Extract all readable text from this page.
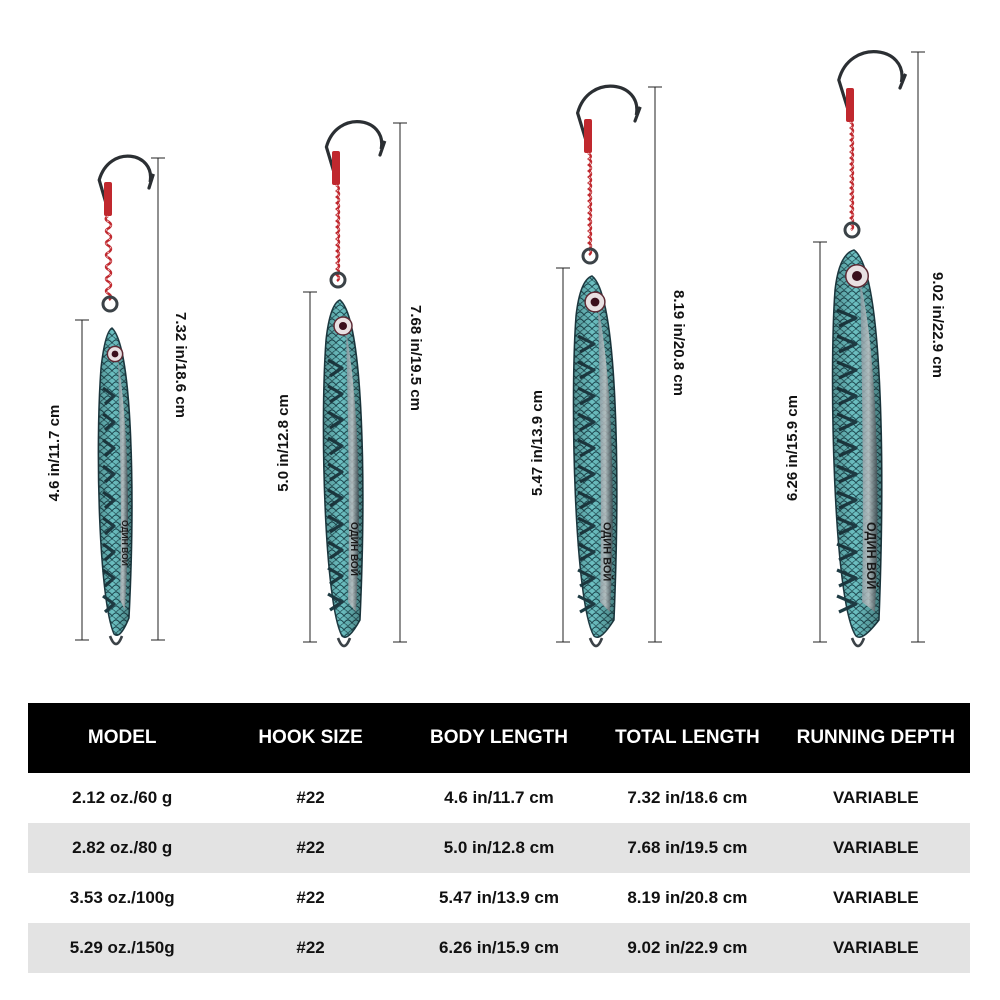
ОДИН ВОЙ	ОДИН ВОЙ	ОДИН ВОЙ	ОДИН ВОЙ
4.6 in/11.7 cm
7.32 in/18.6 cm
5.0 in/12.8 cm
7.68 in/19.5 cm
5.47 in/13.9 cm
8.19 in/20.8 cm
6.26 in/15.9 cm
9.02 in/22.9 cm
MODEL	HOOK SIZE	BODY LENGTH	TOTAL LENGTH	RUNNING DEPTH
2.12 oz./60 g	#22	4.6 in/11.7 cm	7.32 in/18.6 cm	VARIABLE
2.82 oz./80 g	#22	5.0 in/12.8 cm	7.68 in/19.5 cm	VARIABLE
3.53 oz./100g	#22	5.47 in/13.9 cm	8.19 in/20.8 cm	VARIABLE
5.29 oz./150g	#22	6.26 in/15.9 cm	9.02 in/22.9 cm	VARIABLE
